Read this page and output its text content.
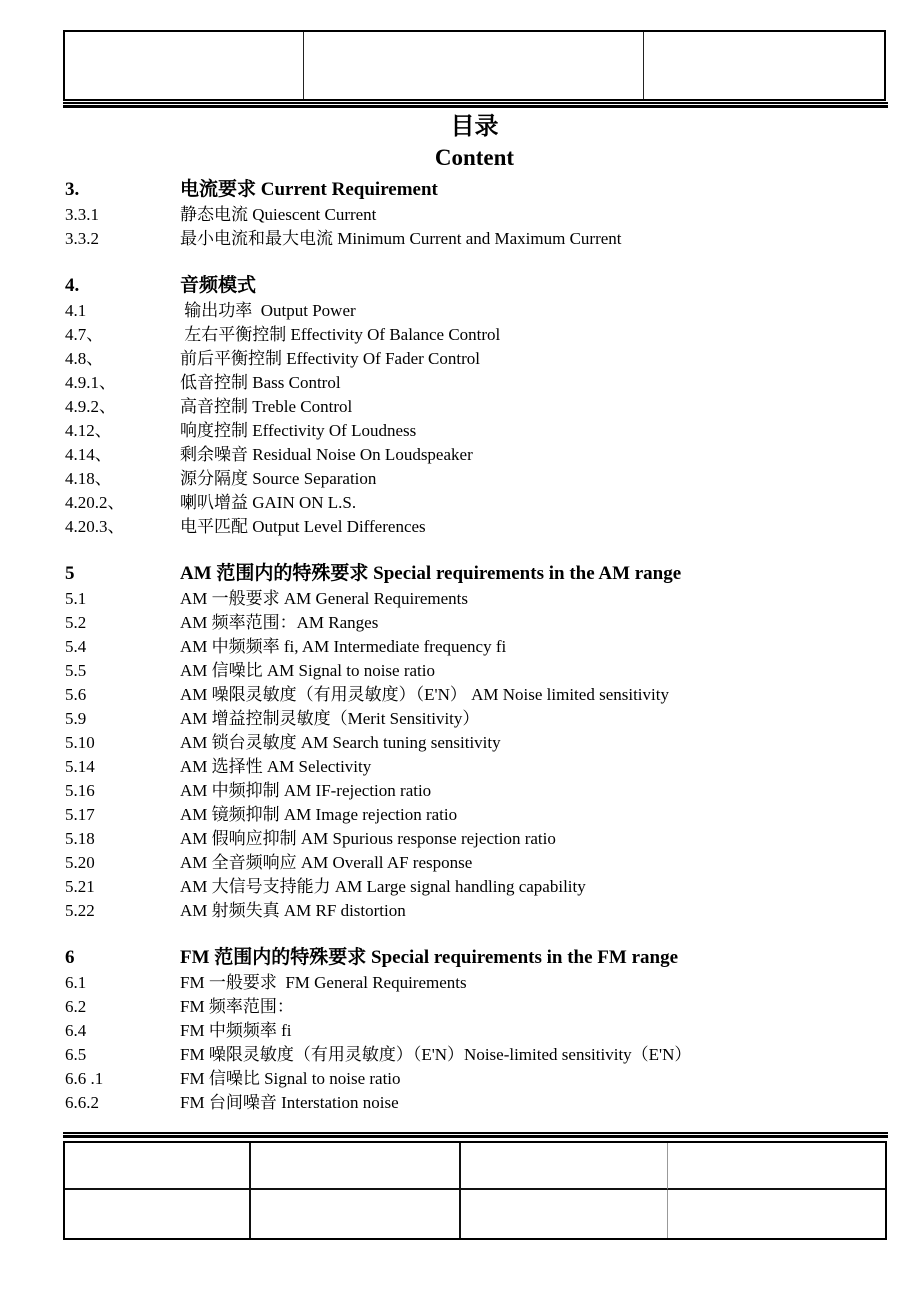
目录
Content
3.	电流要求 Current Requirement
3.3.1	静态电流 Quiescent Current
3.3.2	最小电流和最大电流 Minimum Current and Maximum Current
4.	音频模式
4.1	输出功率  Output Power
4.7、	左右平衡控制 Effectivity Of Balance Control
4.8、	前后平衡控制 Effectivity Of Fader Control
4.9.1、	低音控制 Bass Control
4.9.2、	高音控制 Treble Control
4.12、	响度控制 Effectivity Of Loudness
4.14、	剩余噪音 Residual Noise On Loudspeaker
4.18、	源分隔度 Source Separation
4.20.2、	喇叭增益 GAIN ON L.S.
4.20.3、	电平匹配 Output Level Differences
5	AM 范围内的特殊要求 Special requirements in the AM range
5.1	AM 一般要求 AM General Requirements
5.2	AM 频率范围：AM Ranges
5.4	AM 中频频率 fi, AM Intermediate frequency fi
5.5	AM 信噪比 AM Signal to noise ratio
5.6	AM 噪限灵敏度（有用灵敏度）（E'N） AM Noise limited sensitivity
5.9	AM 增益控制灵敏度（Merit Sensitivity）
5.10	AM 锁台灵敏度 AM Search tuning sensitivity
5.14	AM 选择性 AM Selectivity
5.16	AM 中频抑制 AM IF-rejection ratio
5.17	AM 镜频抑制 AM Image rejection ratio
5.18	AM 假响应抑制 AM Spurious response rejection ratio
5.20	AM 全音频响应 AM Overall AF response
5.21	AM 大信号支持能力 AM Large signal handling capability
5.22	AM 射频失真 AM RF distortion
6	FM 范围内的特殊要求 Special requirements in the FM range
6.1	FM 一般要求  FM General Requirements
6.2	FM 频率范围：
6.4	FM 中频频率 fi
6.5	FM 噪限灵敏度（有用灵敏度）（E'N）Noise-limited sensitivity（E'N）
6.6 .1	FM 信噪比 Signal to noise ratio
6.6.2	FM 台间噪音 Interstation noise
